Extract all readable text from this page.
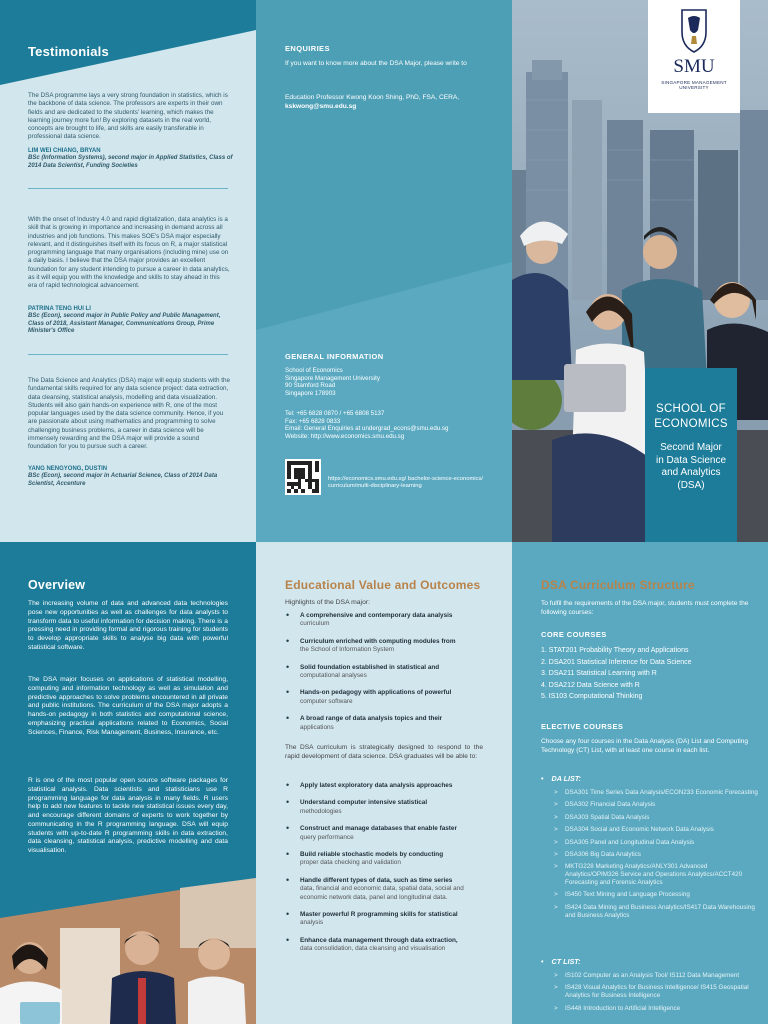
Testimonials
The DSA programme lays a very strong foundation in statistics, which is the backbone of data science. The professors are experts in their own fields and are dedicated to the students' learning, which makes the learning journey more fun! By exploring datasets in the real world, concepts are brought to life, and skills are easily transferable in professional data science.
LIM WEI CHIANG, BRYAN
BSc (Information Systems), second major in Applied Statistics, Class of 2014 Data Scientist, Funding Societies
With the onset of Industry 4.0 and rapid digitalization, data analytics is a skill that is growing in importance and increasing in demand across all industries and job functions. This makes SOE's DSA major especially relevant, and it distinguishes itself with its focus on R, a major statistical programming language that many organisations (including mine) use on a daily basis. I believe that the DSA major provides an excellent foundation for any student intending to pursue a career in data analytics, as it will equip you with the knowledge and skills to stay ahead in this era of rapid technological advancement.
PATRINA TENG HUI LI
BSc (Econ), second major in Public Policy and Public Management, Class of 2018, Assistant Manager, Communications Group, Prime Minister's Office
The Data Science and Analytics (DSA) major will equip students with the fundamental skills required for any data science project: data extraction, data cleansing, statistical analysis, modelling and data visualization. Students will also gain hands-on experience with R, one of the most popular languages used by the data science community. Hence, if you are passionate about using mathematics and programming to solve challenging business problems, a career in data science will be immensely rewarding and the DSA major will provide a sound foundation for you to pursue such a career.
YANG NENGYONG, DUSTIN
BSc (Econ), second major in Actuarial Science, Class of 2014 Data Scientist, Accenture
ENQUIRIES
If you want to know more about the DSA Major, please write to
Education Professor Kwong Koon Shing, PhD, FSA, CERA,
kskwong@smu.edu.sg
GENERAL INFORMATION
School of Economics
Singapore Management University
90 Stamford Road
Singapore 178903
Tel: +65 6828 0870 / +65 6808 5137
Fax: +65 6828 0833
Email: General Enquiries at undergrad_econs@smu.edu.sg
Website: http://www.economics.smu.edu.sg
https://economics.smu.edu.sg/ bachelor-science-economics/ curriculum/multi-disciplinary-learning
SMU
SINGAPORE MANAGEMENT UNIVERSITY
SCHOOL OF
ECONOMICS
Second Major
in Data Science
and Analytics
(DSA)
Overview
The increasing volume of data and advanced data technologies pose new opportunities as well as challenges for data analysts to transform data to useful information for decision making. There is a pressing need in providing formal and rigorous training for students to develop appropriate skills to analyse big data with powerful statistical software.
The DSA major focuses on applications of statistical modelling, computing and information technology as well as simulation and predictive approaches to solve problems encountered in all private and public institutions. The curriculum of the DSA major adopts a hands-on pedagogy in both statistics and computational science, emphasizing practical applications related to Economics, Social Sciences, Finance, Risk Management, Business, Insurance, etc.
R is one of the most popular open source software packages for statistical analysis. Data scientists and statisticians use R programming language for data analysis in many fields. R users help to add new features to tackle new statistical issues every day, and encourage different domains of experts to work together by communicating in the R programming language. DSA will equip students with up-to-date R programming skills in data extraction, data cleansing, statistical analysis, predictive modelling and data visualisation.
Educational Value and Outcomes
Highlights of the DSA major:
• A comprehensive and contemporary data analysis
curriculum
• Curriculum enriched with computing modules from
the School of Information System
• Solid foundation established in statistical and
computational analyses
• Hands-on pedagogy with applications of powerful
computer software
• A broad range of data analysis topics and their
applications
The DSA curriculum is strategically designed to respond to the rapid development of data science. DSA graduates will be able to:
• Apply latest exploratory data analysis approaches
• Understand computer intensive statistical
methodologies
• Construct and manage databases that enable faster
query performance
• Build reliable stochastic models by conducting
proper data checking and validation
• Handle different types of data, such as time series
data, financial and economic data, spatial data, social and economic network data, panel and longitudinal data.
• Master powerful R programming skills for statistical
analysis
• Enhance data management through data extraction,
data consolidation, data cleansing and visualisation
DSA Curriculum Structure
To fulfil the requirements of the DSA major, students must complete the following courses:
CORE COURSES
1. STAT201 Probability Theory and Applications
2. DSA201 Statistical Inference for Data Science
3. DSA211 Statistical Learning with R
4. DSA212 Data Science with R
5. IS103 Computational Thinking
ELECTIVE COURSES
Choose any four courses in the Data Analysis (DA) List and Computing Technology (CT) List, with at least one course in each list.
• DA LIST:
> DSA301 Time Series Data Analysis/ECON233 Economic Forecasting
> DSA302 Financial Data Analysis
> DSA303 Spatial Data Analysis
> DSA304 Social and Economic Network Data Analysis
> DSA305 Panel and Longitudinal Data Analysis
> DSA306 Big Data Analytics
> MKTG228 Marketing Analytics/ANLY301 Advanced Analytics/OPIM326 Service and Operations Analytics/ACCT420 Forecasting and Forensic Analytics
> IS450 Text Mining and Language Processing
> IS424 Data Mining and Business Analytics/IS417 Data Warehousing and Business Analytics
• CT LIST:
> IS102 Computer as an Analysis Tool/ IS112 Data Management
> IS428 Visual Analytics for Business Intelligence/ IS415 Geospatial Analytics for Business Intelligence
> IS448 Introduction to Artificial Intelligence
